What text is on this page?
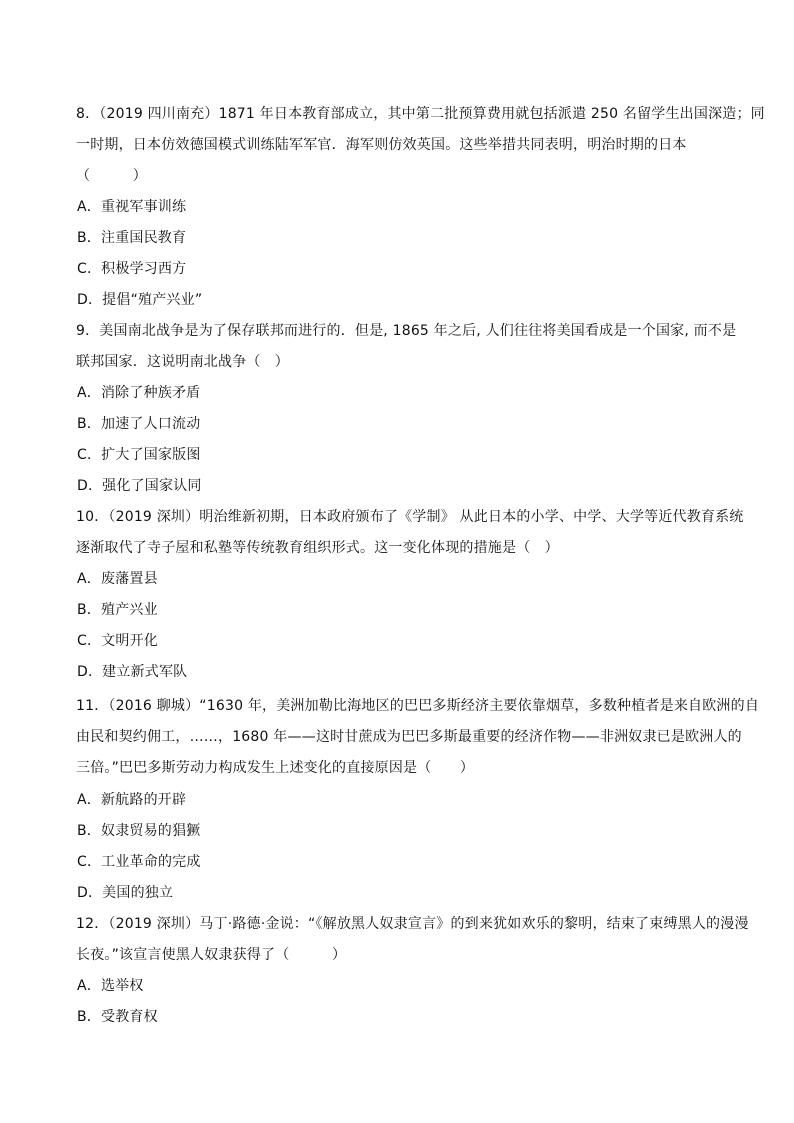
8．（2019 四川南充）1871 年日本教育部成立，其中第二批预算费用就包括派遣 250 名留学生出国深造；同
一时期，日本仿效德国模式训练陆军军官．海军则仿效英国。这些举措共同表明，明治时期的日本
（　　　）
A．重视军事训练
B．注重国民教育
C．积极学习西方
D．提倡“殖产兴业”
9．美国南北战争是为了保存联邦而进行的．但是, 1865 年之后, 人们往往将美国看成是一个国家, 而不是
联邦国家．这说明南北战争（　）
A．消除了种族矛盾
B．加速了人口流动
C．扩大了国家版图
D．强化了国家认同
10．（2019 深圳）明治维新初期，日本政府颁布了《学制》 从此日本的小学、中学、大学等近代教育系统
逐渐取代了寺子屋和私塾等传统教育组织形式。这一变化体现的措施是（　）
A．废藩置县
B．殖产兴业
C．文明开化
D．建立新式军队
11．（2016 聊城）“1630 年，美洲加勒比海地区的巴巴多斯经济主要依靠烟草，多数种植者是来自欧洲的自
由民和契约佣工，……，1680 年——这时甘蔗成为巴巴多斯最重要的经济作物——非洲奴隶已是欧洲人的
三倍。”巴巴多斯劳动力构成发生上述变化的直接原因是（　　）
A．新航路的开辟
B．奴隶贸易的猖獗
C．工业革命的完成
D．美国的独立
12．（2019 深圳）马丁·路德·金说：“《解放黑人奴隶宣言》的到来犹如欢乐的黎明，结束了束缚黑人的漫漫
长夜。”该宣言使黑人奴隶获得了（　　　）
A．选举权
B．受教育权
